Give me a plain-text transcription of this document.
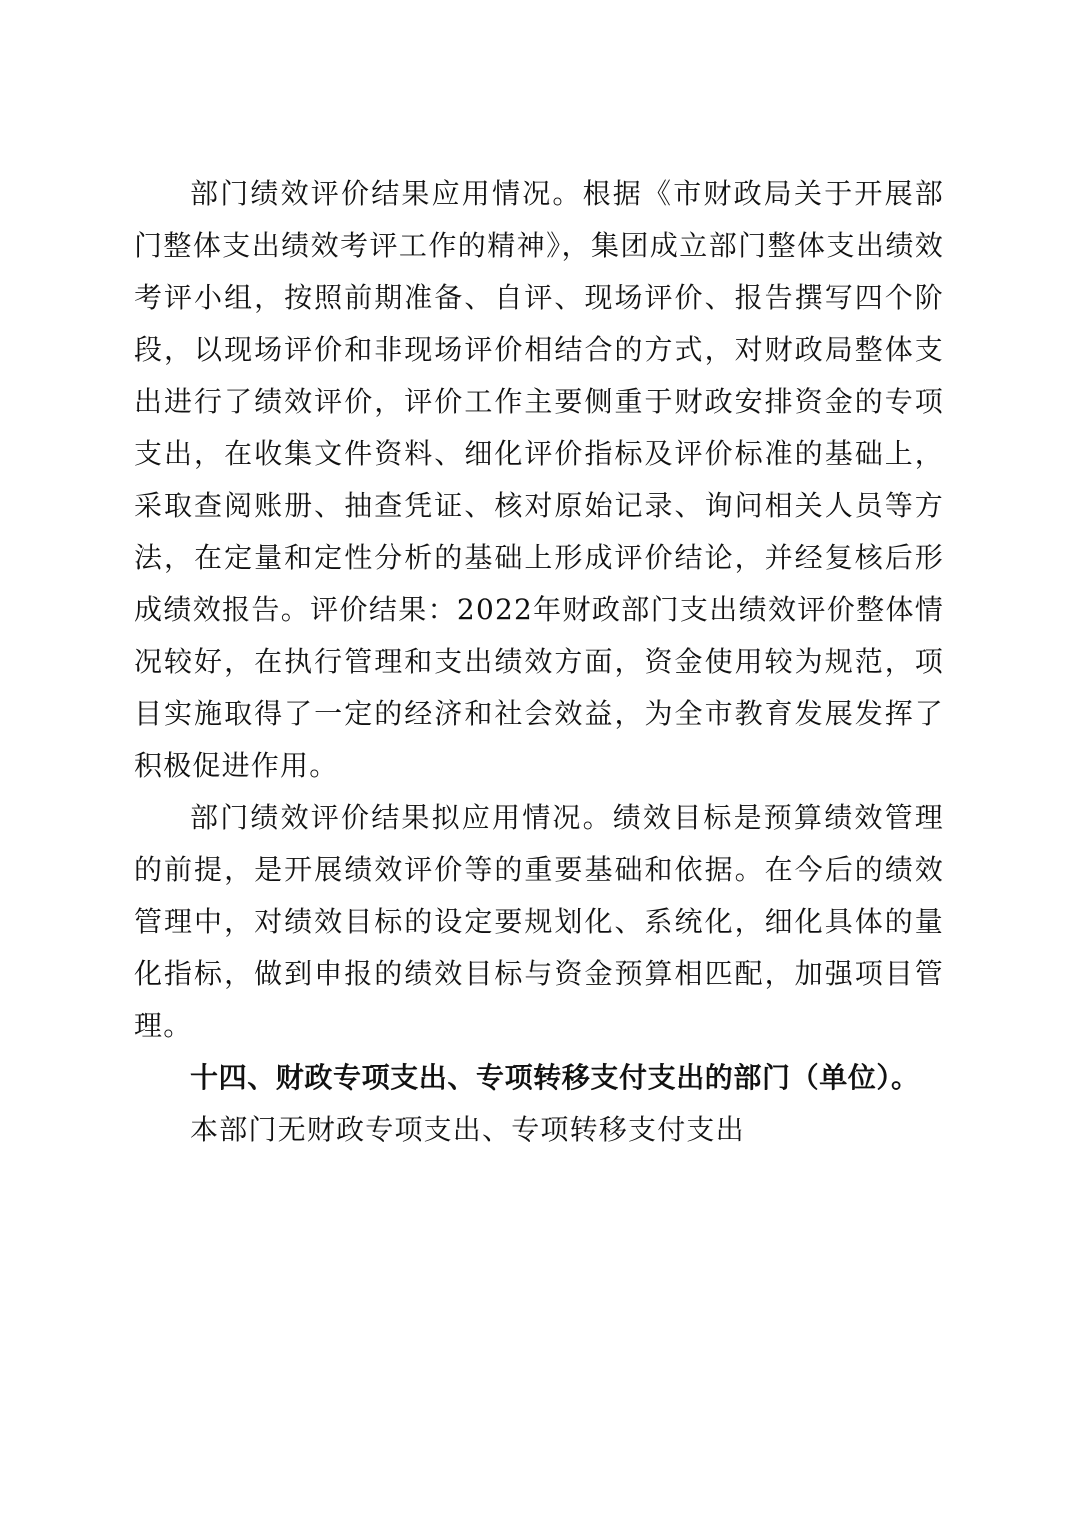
部门绩效评价结果应用情况。根据《市财政局关于开展部门整体支出绩效考评工作的精神》，集团成立部门整体支出绩效考评小组，按照前期准备、自评、现场评价、报告撰写四个阶段，以现场评价和非现场评价相结合的方式，对财政局整体支出进行了绩效评价，评价工作主要侧重于财政安排资金的专项支出，在收集文件资料、细化评价指标及评价标准的基础上，采取查阅账册、抽查凭证、核对原始记录、询问相关人员等方法，在定量和定性分析的基础上形成评价结论，并经复核后形成绩效报告。评价结果：2022年财政部门支出绩效评价整体情况较好，在执行管理和支出绩效方面，资金使用较为规范，项目实施取得了一定的经济和社会效益，为全市教育发展发挥了积极促进作用。

部门绩效评价结果拟应用情况。绩效目标是预算绩效管理的前提，是开展绩效评价等的重要基础和依据。在今后的绩效管理中，对绩效目标的设定要规划化、系统化，细化具体的量化指标，做到申报的绩效目标与资金预算相匹配，加强项目管理。

十四、财政专项支出、专项转移支付支出的部门（单位）。

本部门无财政专项支出、专项转移支付支出
